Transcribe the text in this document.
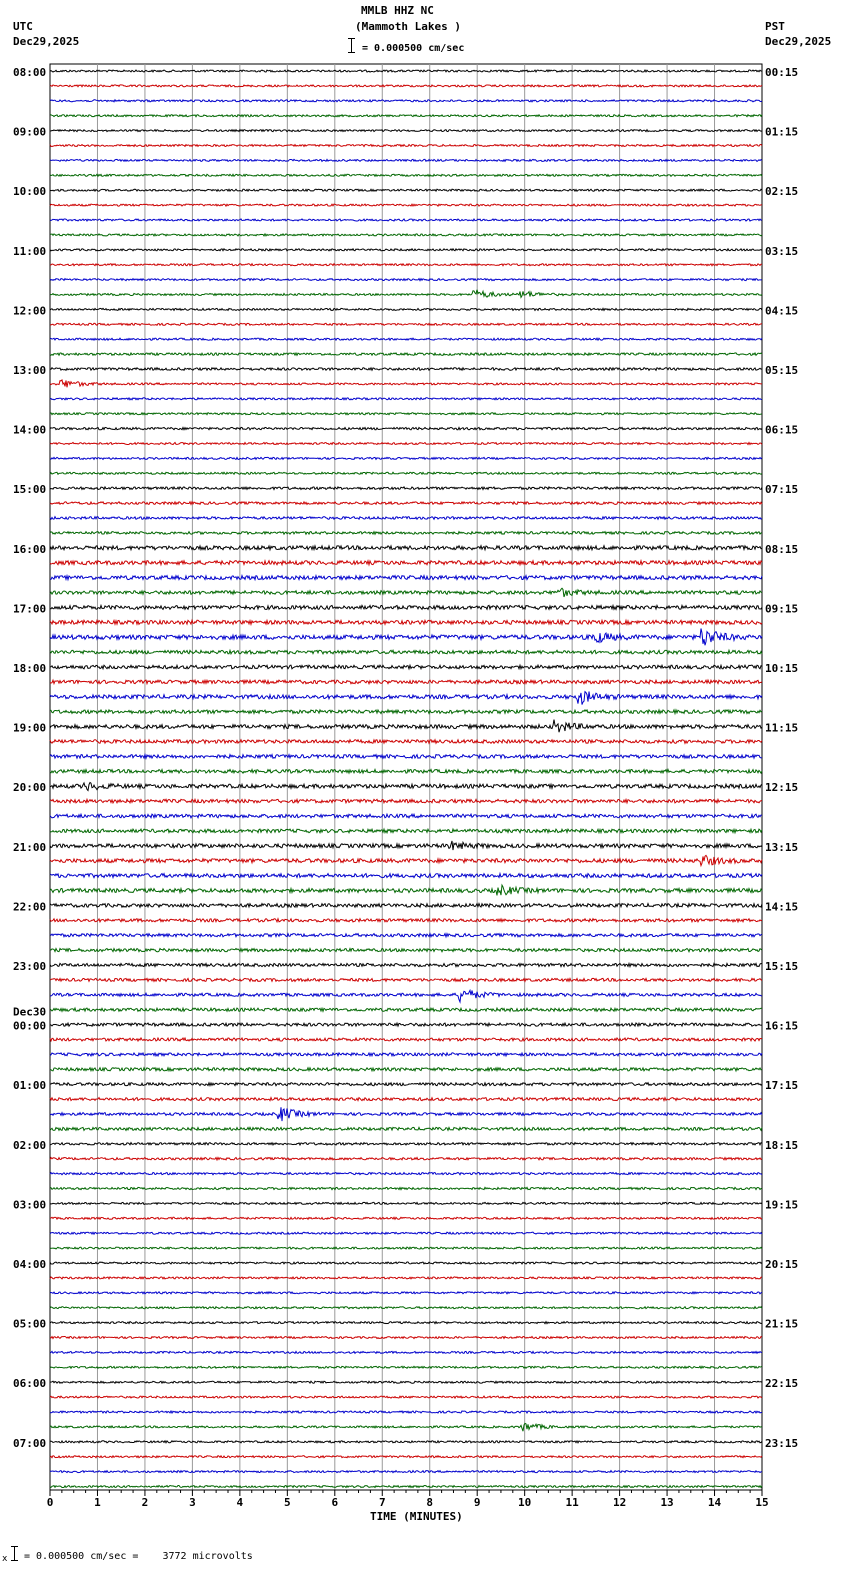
0	1	2	3	4	5	6	7	8	9	10	11	12	13	14	15
08:00	00:15
09:00	01:15
10:00	02:15
11:00	03:15
12:00	04:15
13:00	05:15
14:00	06:15
15:00	07:15
16:00	08:15
17:00	09:15
18:00	10:15
19:00	11:15
20:00	12:15
21:00	13:15
22:00	14:15
23:00	15:15
00:00	16:15
01:00	17:15
02:00	18:15
03:00	19:15
04:00	20:15
05:00	21:15
06:00	22:15
07:00	23:15
Dec30
MMLB HHZ NC
(Mammoth Lakes )
= 0.000500 cm/sec
UTC
Dec29,2025
PST
Dec29,2025
TIME (MINUTES)
x = 0.000500 cm/sec =    3772 microvolts
